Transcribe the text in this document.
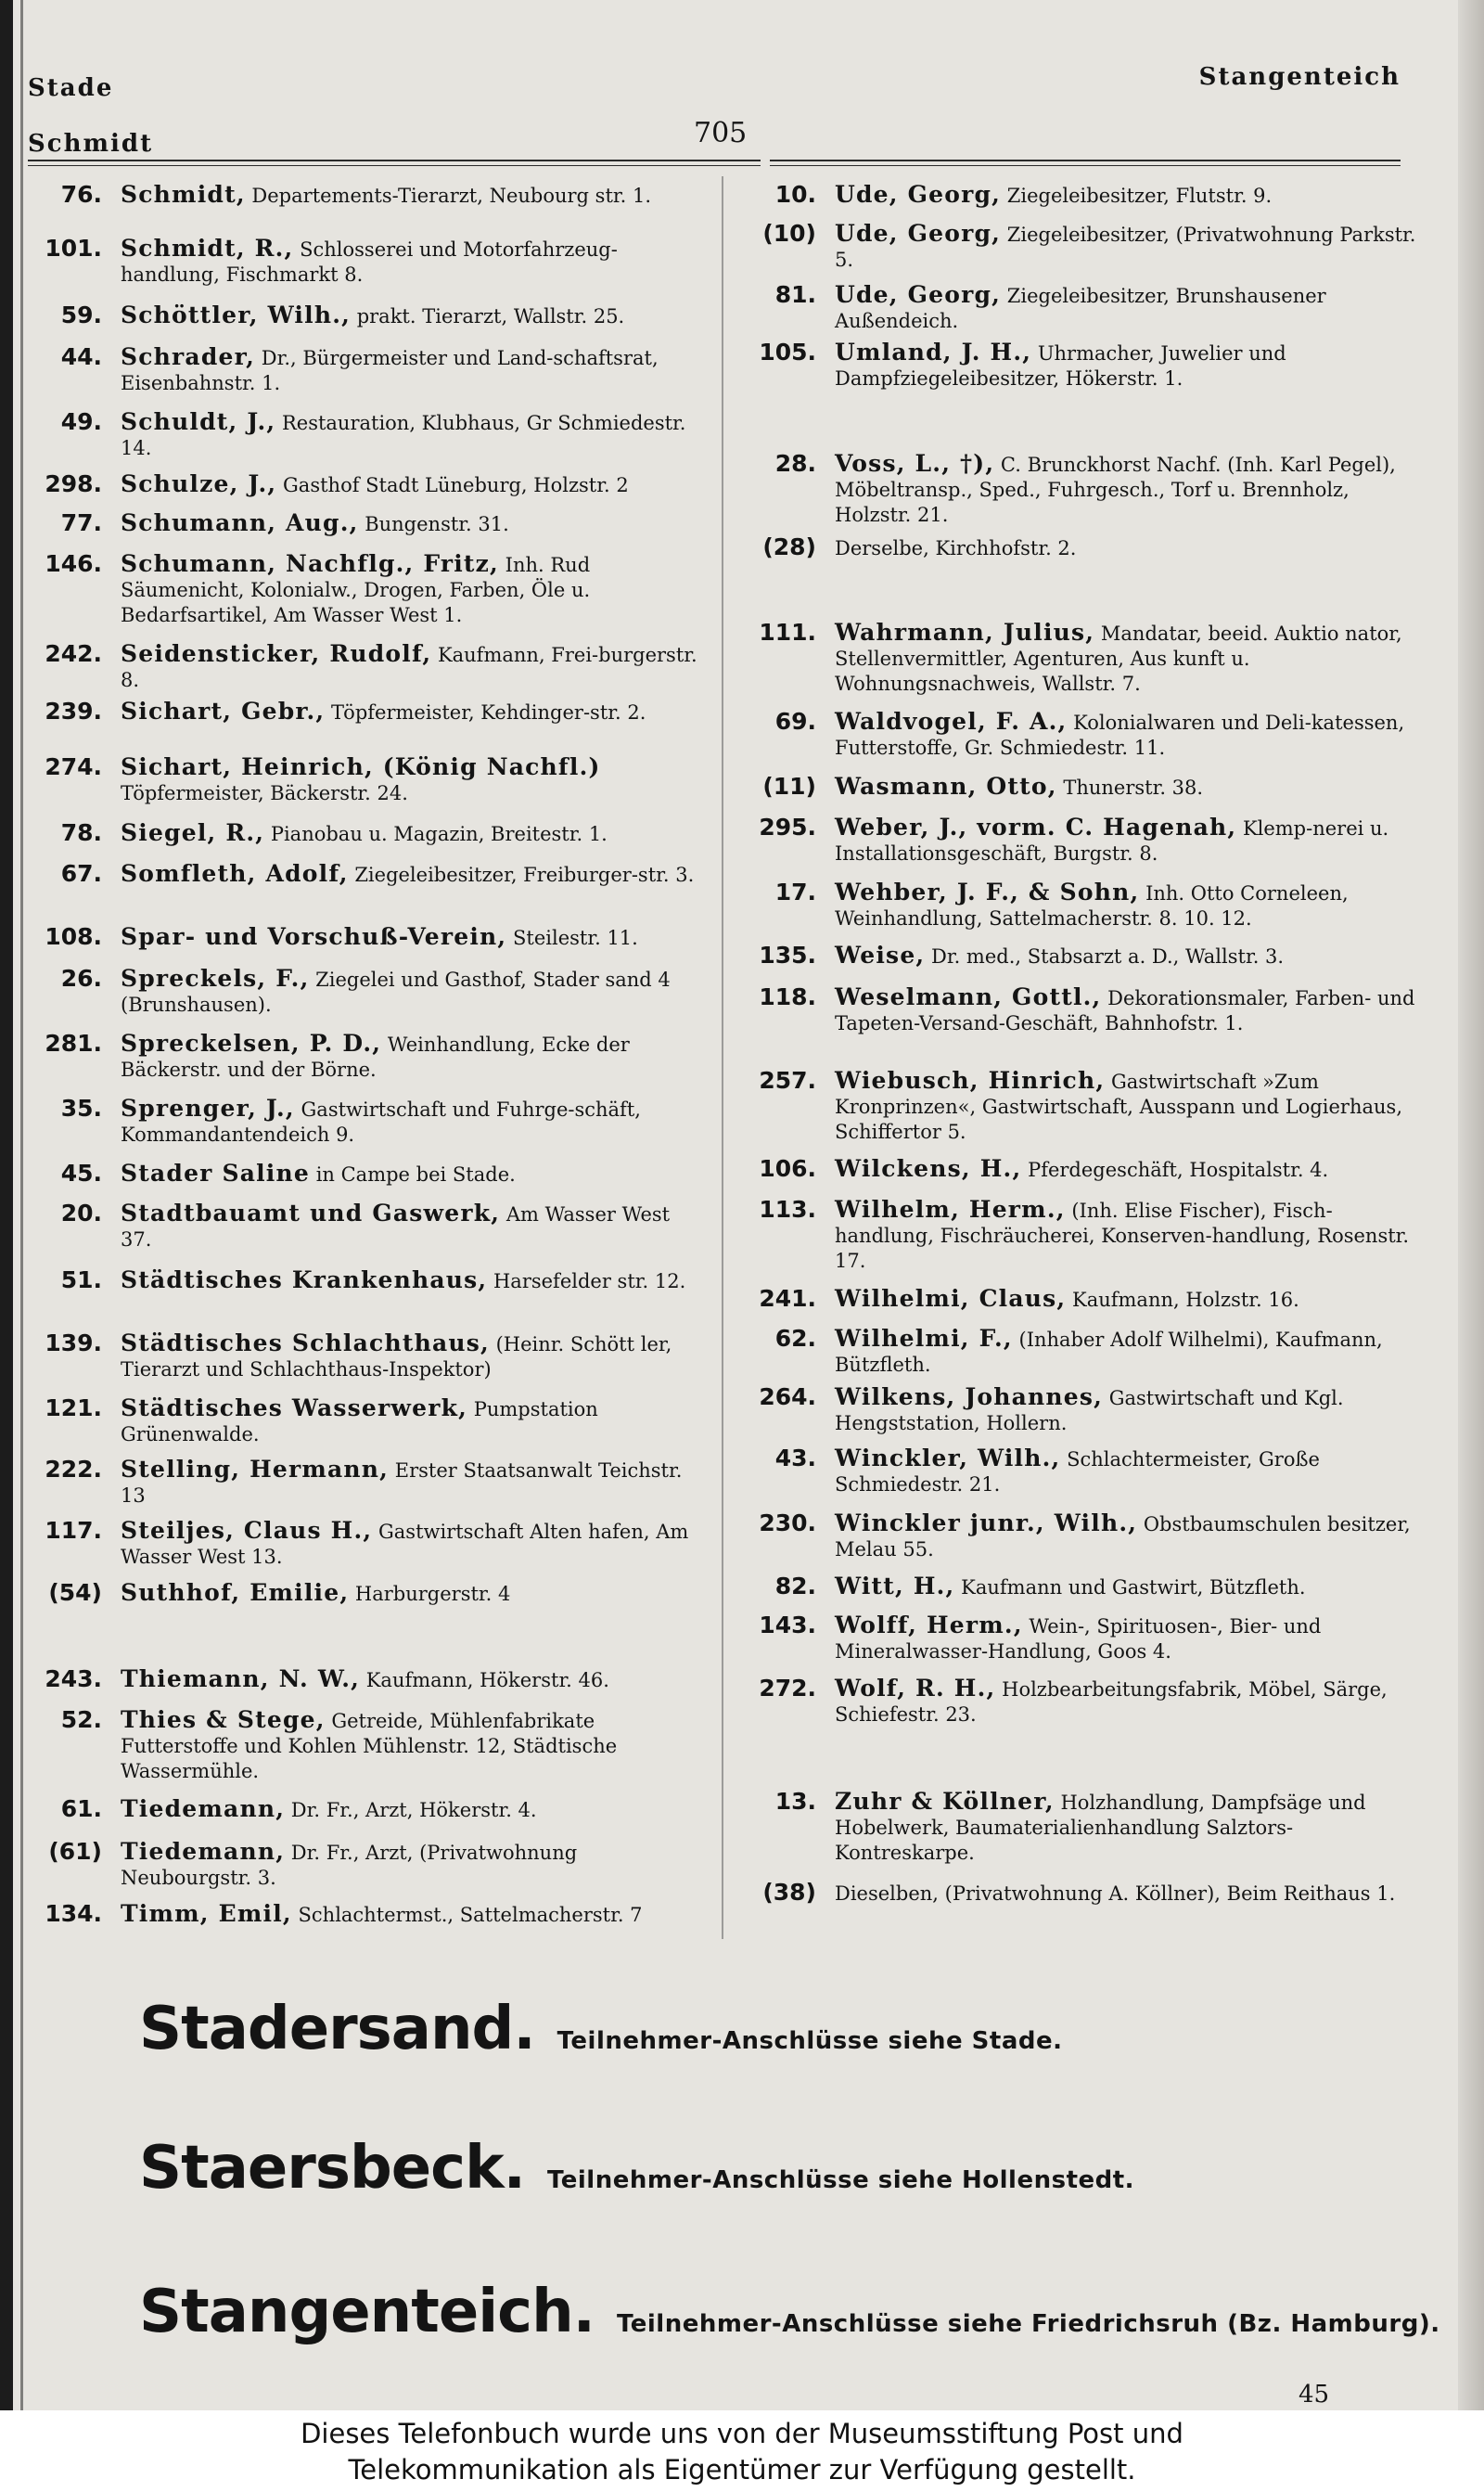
Stade
Schmidt	705
Stangenteich
76. Schmidt, Departements-Tierarzt, Neubourg str. 1.
101. Schmidt, R., Schlosserei und Motorfahrzeug-handlung, Fischmarkt 8.
59. Schöttler, Wilh., prakt. Tierarzt, Wallstr. 25.
44. Schrader, Dr., Bürgermeister und Land-schaftsrat, Eisenbahnstr. 1.
49. Schuldt, J., Restauration, Klubhaus, Gr Schmiedestr. 14.
298. Schulze, J., Gasthof Stadt Lüneburg, Holzstr. 2
77. Schumann, Aug., Bungenstr. 31.
146. Schumann, Nachflg., Fritz, Inh. Rud Säumenicht, Kolonialw., Drogen, Farben, Öle u. Bedarfsartikel, Am Wasser West 1.
242. Seidensticker, Rudolf, Kaufmann, Frei-burgerstr. 8.
239. Sichart, Gebr., Töpfermeister, Kehdinger-str. 2.
274. Sichart, Heinrich, (König Nachfl.) Töpfermeister, Bäckerstr. 24.
78. Siegel, R., Pianobau u. Magazin, Breitestr. 1.
67. Somfleth, Adolf, Ziegeleibesitzer, Freiburger-str. 3.
108. Spar- und Vorschuß-Verein, Steilestr. 11.
26. Spreckels, F., Ziegelei und Gasthof, Stader sand 4 (Brunshausen).
281. Spreckelsen, P. D., Weinhandlung, Ecke der Bäckerstr. und der Börne.
35. Sprenger, J., Gastwirtschaft und Fuhrge-schäft, Kommandantendeich 9.
45. Stader Saline in Campe bei Stade.
20. Stadtbauamt und Gaswerk, Am Wasser West 37.
51. Städtisches Krankenhaus, Harsefelder str. 12.
139. Städtisches Schlachthaus, (Heinr. Schött ler, Tierarzt und Schlachthaus-Inspektor)
121. Städtisches Wasserwerk, Pumpstation Grünenwalde.
222. Stelling, Hermann, Erster Staatsanwalt Teichstr. 13
117. Steiljes, Claus H., Gastwirtschaft Alten hafen, Am Wasser West 13.
(54) Suthhof, Emilie, Harburgerstr. 4
243. Thiemann, N. W., Kaufmann, Hökerstr. 46.
52. Thies & Stege, Getreide, Mühlenfabrikate Futterstoffe und Kohlen Mühlenstr. 12, Städtische Wassermühle.
61. Tiedemann, Dr. Fr., Arzt, Hökerstr. 4.
(61) Tiedemann, Dr. Fr., Arzt, (Privatwohnung Neubourgstr. 3.
134. Timm, Emil, Schlachtermst., Sattelmacherstr. 7
10. Ude, Georg, Ziegeleibesitzer, Flutstr. 9.
(10) Ude, Georg, Ziegeleibesitzer, (Privatwohnung Parkstr. 5.
81. Ude, Georg, Ziegeleibesitzer, Brunshausener Außendeich.
105. Umland, J. H., Uhrmacher, Juwelier und Dampfziegeleibesitzer, Hökerstr. 1.
28. Voss, L., †), C. Brunckhorst Nachf. (Inh. Karl Pegel), Möbeltransp., Sped., Fuhrgesch., Torf u. Brennholz, Holzstr. 21.
(28) Derselbe, Kirchhofstr. 2.
111. Wahrmann, Julius, Mandatar, beeid. Auktio nator, Stellenvermittler, Agenturen, Aus kunft u. Wohnungsnachweis, Wallstr. 7.
69. Waldvogel, F. A., Kolonialwaren und Deli-katessen, Futterstoffe, Gr. Schmiedestr. 11.
(11) Wasmann, Otto, Thunerstr. 38.
295. Weber, J., vorm. C. Hagenah, Klemp-nerei u. Installationsgeschäft, Burgstr. 8.
17. Wehber, J. F., & Sohn, Inh. Otto Corneleen, Weinhandlung, Sattelmacherstr. 8. 10. 12.
135. Weise, Dr. med., Stabsarzt a. D., Wallstr. 3.
118. Weselmann, Gottl., Dekorationsmaler, Farben- und Tapeten-Versand-Geschäft, Bahnhofstr. 1.
257. Wiebusch, Hinrich, Gastwirtschaft »Zum Kronprinzen«, Gastwirtschaft, Ausspann und Logierhaus, Schiffertor 5.
106. Wilckens, H., Pferdegeschäft, Hospitalstr. 4.
113. Wilhelm, Herm., (Inh. Elise Fischer), Fisch-handlung, Fischräucherei, Konserven-handlung, Rosenstr. 17.
241. Wilhelmi, Claus, Kaufmann, Holzstr. 16.
62. Wilhelmi, F., (Inhaber Adolf Wilhelmi), Kaufmann, Bützfleth.
264. Wilkens, Johannes, Gastwirtschaft und Kgl. Hengststation, Hollern.
43. Winckler, Wilh., Schlachtermeister, Große Schmiedestr. 21.
230. Winckler junr., Wilh., Obstbaumschulen besitzer, Melau 55.
82. Witt, H., Kaufmann und Gastwirt, Bützfleth.
143. Wolff, Herm., Wein-, Spirituosen-, Bier- und Mineralwasser-Handlung, Goos 4.
272. Wolf, R. H., Holzbearbeitungsfabrik, Möbel, Särge, Schiefestr. 23.
13. Zuhr & Köllner, Holzhandlung, Dampfsäge und Hobelwerk, Baumaterialienhandlung Salztors-Kontreskarpe.
(38) Dieselben, (Privatwohnung A. Köllner), Beim Reithaus 1.
Stadersand. Teilnehmer-Anschlüsse siehe Stade.
Staersbeck. Teilnehmer-Anschlüsse siehe Hollenstedt.
Stangenteich. Teilnehmer-Anschlüsse siehe Friedrichsruh (Bz. Hamburg).
45
Dieses Telefonbuch wurde uns von der Museumsstiftung Post und
Telekommunikation als Eigentümer zur Verfügung gestellt.
